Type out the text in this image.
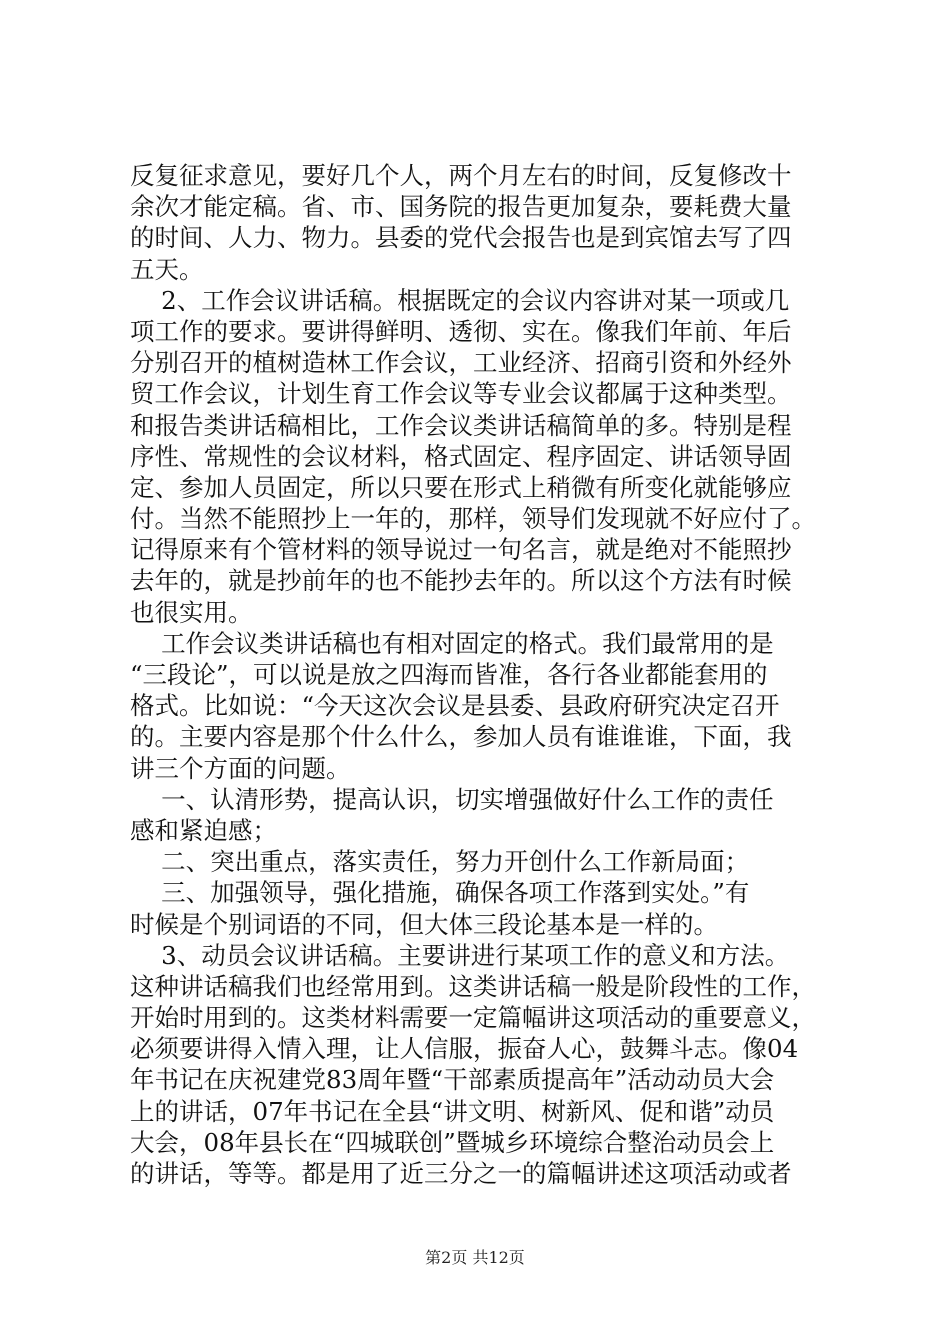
反复征求意见，要好几个人，两个月左右的时间，反复修改十
余次才能定稿。省、市、国务院的报告更加复杂，要耗费大量
的时间、人力、物力。县委的党代会报告也是到宾馆去写了四
五天。
2、工作会议讲话稿。根据既定的会议内容讲对某一项或几
项工作的要求。要讲得鲜明、透彻、实在。像我们年前、年后
分别召开的植树造林工作会议，工业经济、招商引资和外经外
贸工作会议，计划生育工作会议等专业会议都属于这种类型。
和报告类讲话稿相比，工作会议类讲话稿简单的多。特别是程
序性、常规性的会议材料，格式固定、程序固定、讲话领导固
定、参加人员固定，所以只要在形式上稍微有所变化就能够应
付。当然不能照抄上一年的，那样，领导们发现就不好应付了。
记得原来有个管材料的领导说过一句名言，就是绝对不能照抄
去年的，就是抄前年的也不能抄去年的。所以这个方法有时候
也很实用。
工作会议类讲话稿也有相对固定的格式。我们最常用的是
“三段论”，可以说是放之四海而皆准，各行各业都能套用的
格式。比如说：“今天这次会议是县委、县政府研究决定召开
的。主要内容是那个什么什么，参加人员有谁谁谁，下面，我
讲三个方面的问题。
一、认清形势，提高认识，切实增强做好什么工作的责任
感和紧迫感；
二、突出重点，落实责任，努力开创什么工作新局面；
三、加强领导，强化措施，确保各项工作落到实处。”有
时候是个别词语的不同，但大体三段论基本是一样的。
3、动员会议讲话稿。主要讲进行某项工作的意义和方法。
这种讲话稿我们也经常用到。这类讲话稿一般是阶段性的工作，
开始时用到的。这类材料需要一定篇幅讲这项活动的重要意义，
必须要讲得入情入理，让人信服，振奋人心，鼓舞斗志。像04
年书记在庆祝建党83周年暨“干部素质提高年”活动动员大会
上的讲话，07年书记在全县“讲文明、树新风、促和谐”动员
大会，08年县长在“四城联创”暨城乡环境综合整治动员会上
的讲话，等等。都是用了近三分之一的篇幅讲述这项活动或者
第2页 共12页
